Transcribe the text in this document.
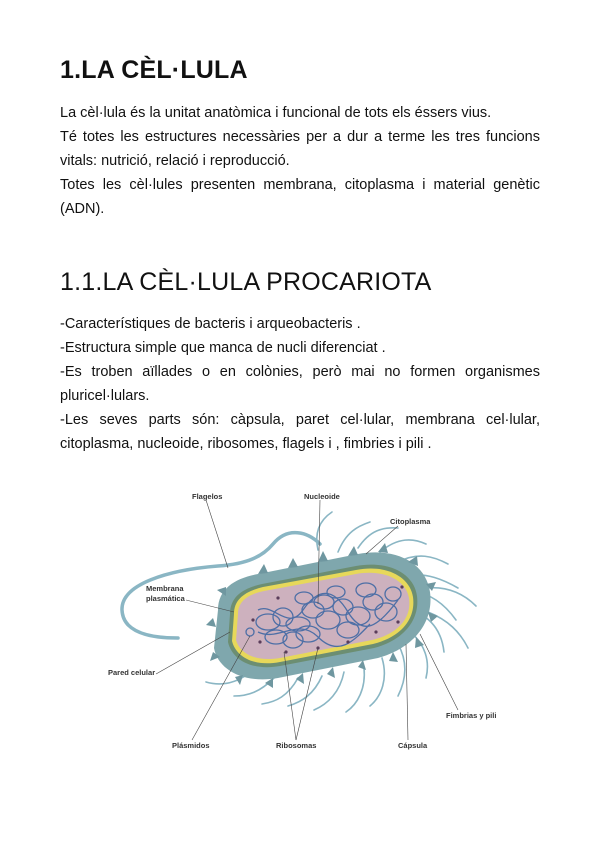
1.LA CÈL·LULA

La cèl·lula és la unitat anatòmica i funcional de tots els éssers vius.
Té totes les estructures necessàries per a dur a terme les tres funcions vitals: nutrició, relació i reproducció.
Totes les cèl·lules presenten membrana, citoplasma i material genètic (ADN).

1.1.LA CÈL·LULA PROCARIOTA

-Característiques de bacteris i arqueobacteris .
-Estructura simple que manca de nucli diferenciat .
-Es troben aïllades o en colònies, però mai no formen organismes pluricel·lulars.
-Les seves parts són: càpsula, paret cel·lular, membrana cel·lular, citoplasma, nucleoide, ribosomes, flagels i , fimbries i pili .

Flagelos	Nucleoide
Citoplasma
Membrana
plasmática
Pared celular
Fimbrias y pili
Plásmidos	Ribosomas	Cápsula
